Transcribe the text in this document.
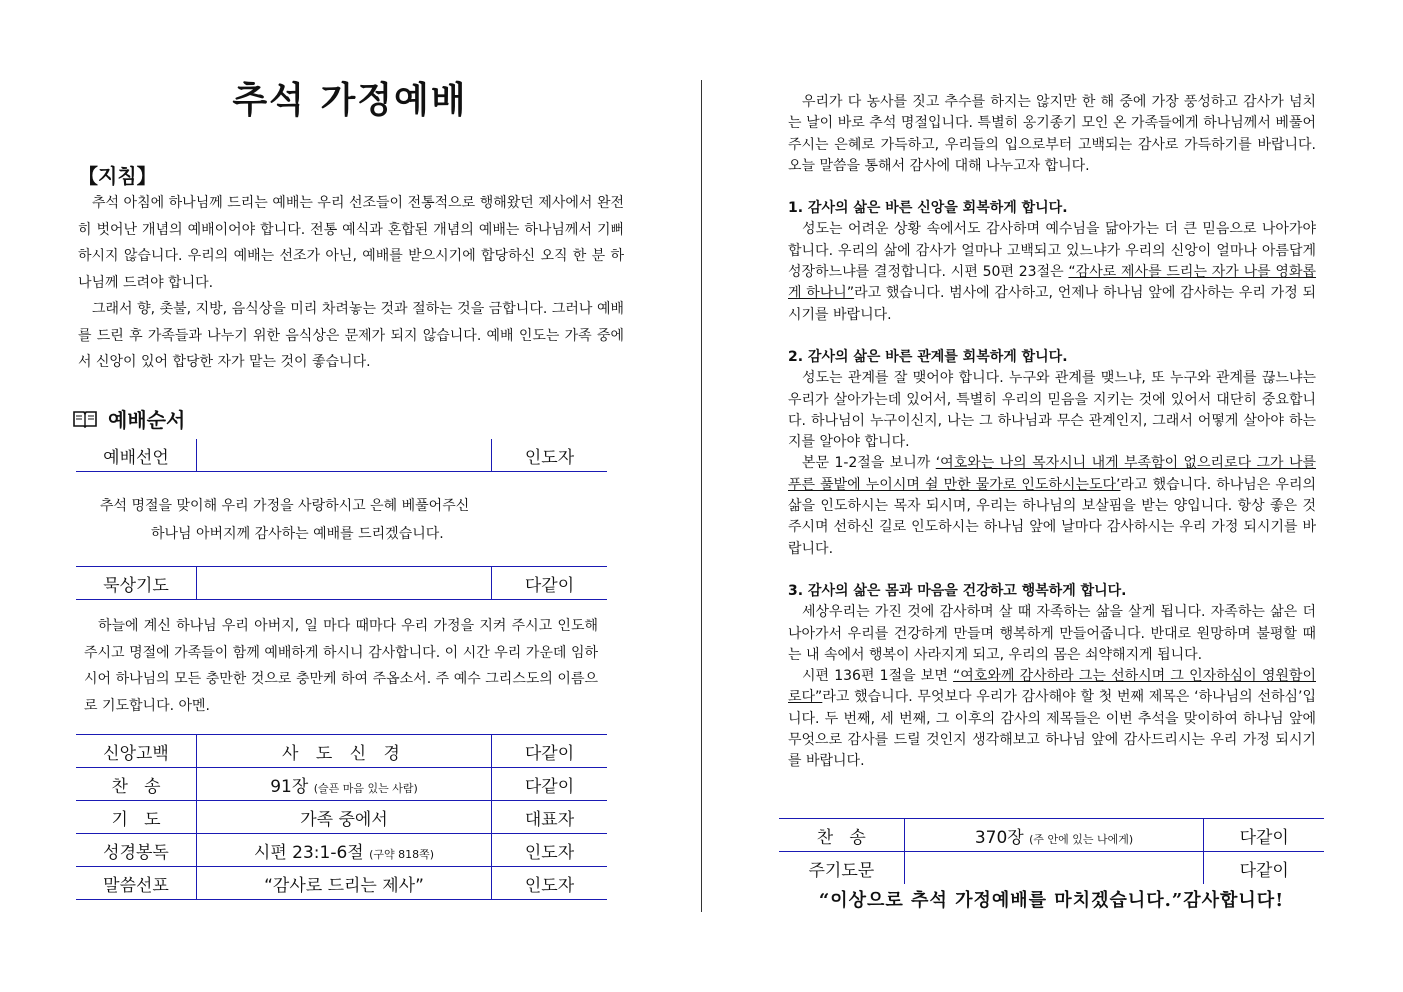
추석 가정예배
【지침】

추석 아침에 하나님께 드리는 예배는 우리 선조들이 전통적으로 행해왔던 제사에서 완전히 벗어난 개념의 예배이어야 합니다. 전통 예식과 혼합된 개념의 예배는 하나님께서 기뻐하시지 않습니다. 우리의 예배는 선조가 아닌, 예배를 받으시기에 합당하신 오직 한 분 하나님께 드려야 합니다.

그래서 향, 촛불, 지방, 음식상을 미리 차려놓는 것과 절하는 것을 금합니다. 그러나 예배를 드린 후 가족들과 나누기 위한 음식상은 문제가 되지 않습니다. 예배 인도는 가족 중에서 신앙이 있어 합당한 자가 맡는 것이 좋습니다.

예배순서
예배선언		인도자
추석 명절을 맞이해 우리 가정을 사랑하시고 은혜 베풀어주신
하나님 아버지께 감사하는 예배를 드리겠습니다.
묵상기도		다같이
하늘에 계신 하나님 우리 아버지, 일 마다 때마다 우리 가정을 지켜 주시고 인도해주시고 명절에 가족들이 함께 예배하게 하시니 감사합니다. 이 시간 우리 가운데 임하시어 하나님의 모든 충만한 것으로 충만케 하여 주옵소서. 주 예수 그리스도의 이름으로 기도합니다. 아멘.
신앙고백	사 도 신 경	다같이
찬   송	91장 (슬픈 마음 있는 사람)	다같이
기   도	가족 중에서	대표자
성경봉독	시편 23:1-6절 (구약 818쪽)	인도자
말씀선포	“감사로 드리는 제사”	인도자

우리가 다 농사를 짓고 추수를 하지는 않지만 한 해 중에 가장 풍성하고 감사가 넘치는 날이 바로 추석 명절입니다. 특별히 옹기종기 모인 온 가족들에게 하나님께서 베풀어주시는 은혜로 가득하고, 우리들의 입으로부터 고백되는 감사로 가득하기를 바랍니다. 오늘 말씀을 통해서 감사에 대해 나누고자 합니다.

1. 감사의 삶은 바른 신앙을 회복하게 합니다.

성도는 어려운 상황 속에서도 감사하며 예수님을 닮아가는 더 큰 믿음으로 나아가야 합니다. 우리의 삶에 감사가 얼마나 고백되고 있느냐가 우리의 신앙이 얼마나 아름답게 성장하느냐를 결정합니다. 시편 50편 23절은 “감사로 제사를 드리는 자가 나를 영화롭게 하나니”라고 했습니다. 범사에 감사하고, 언제나 하나님 앞에 감사하는 우리 가정 되시기를 바랍니다.

2. 감사의 삶은 바른 관계를 회복하게 합니다.

성도는 관계를 잘 맺어야 합니다. 누구와 관계를 맺느냐, 또 누구와 관계를 끊느냐는 우리가 살아가는데 있어서, 특별히 우리의 믿음을 지키는 것에 있어서 대단히 중요합니다. 하나님이 누구이신지, 나는 그 하나님과 무슨 관계인지, 그래서 어떻게 살아야 하는지를 알아야 합니다.

본문 1-2절을 보니까 ‘여호와는 나의 목자시니 내게 부족함이 없으리로다 그가 나를 푸른 풀밭에 누이시며 쉴 만한 물가로 인도하시는도다’라고 했습니다. 하나님은 우리의 삶을 인도하시는 목자 되시며, 우리는 하나님의 보살핌을 받는 양입니다. 항상 좋은 것 주시며 선하신 길로 인도하시는 하나님 앞에 날마다 감사하시는 우리 가정 되시기를 바랍니다.

3. 감사의 삶은 몸과 마음을 건강하고 행복하게 합니다.

세상우리는 가진 것에 감사하며 살 때 자족하는 삶을 살게 됩니다. 자족하는 삶은 더 나아가서 우리를 건강하게 만들며 행복하게 만들어줍니다. 반대로 원망하며 불평할 때는 내 속에서 행복이 사라지게 되고, 우리의 몸은 쇠약해지게 됩니다.

시편 136편 1절을 보면 “여호와께 감사하라 그는 선하시며 그 인자하심이 영원함이로다”라고 했습니다. 무엇보다 우리가 감사해야 할 첫 번째 제목은 ‘하나님의 선하심’입니다. 두 번째, 세 번째, 그 이후의 감사의 제목들은 이번 추석을 맞이하여 하나님 앞에 무엇으로 감사를 드릴 것인지 생각해보고 하나님 앞에 감사드리시는 우리 가정 되시기를 바랍니다.

찬   송	370장 (주 안에 있는 나에게)	다같이
주기도문		다같이
“이상으로 추석 가정예배를 마치겠습니다.”감사합니다!
